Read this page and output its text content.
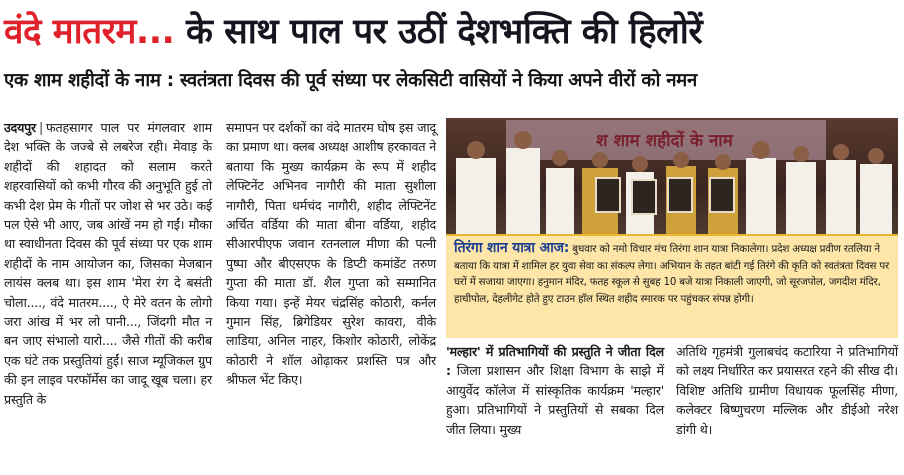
वंदे मातरम... के साथ पाल पर उठीं देशभक्ति की हिलोरें
एक शाम शहीदों के नाम : स्वतंत्रता दिवस की पूर्व संध्या पर लेकसिटी वासियों ने किया अपने वीरों को नमन
उदयपुर | फतहसागर पाल पर मंगलवार शाम देश भक्ति के जज्बे से लबरेज रही। मेवाड़ के शहीदों की शहादत को सलाम करते शहरवासियों को कभी गौरव की अनुभूति हुई तो कभी देश प्रेम के गीतों पर जोश से भर उठे। कई पल ऐसे भी आए, जब आंखें नम हो गईं। मौका था स्वाधीनता दिवस की पूर्व संध्या पर एक शाम शहीदों के नाम आयोजन का, जिसका मेजबान लायंस क्लब था। इस शाम 'मेरा रंग दे बसंती चोला...., वंदे मातरम...., ऐ मेरे वतन के लोगो जरा आंख में भर लो पानी..., जिंदगी मौत न बन जाए संभालो यारो.... जैसे गीतों की करीब एक घंटे तक प्रस्तुतियां हुईं। साज म्यूजिकल ग्रुप की इन लाइव परफॉर्मेस का जादू खूब चला। हर प्रस्तुति के
समापन पर दर्शकों का वंदे मातरम घोष इस जादू का प्रमाण था। क्लब अध्यक्ष आशीष हरकावत ने बताया कि मुख्य कार्यक्रम के रूप में शहीद लेफ्टिनेंट अभिनव नागौरी की माता सुशीला नागौरी, पिता धर्मचंद नागौरी, शहीद लेफ्टिनेंट अर्चित वर्डिया की माता बीना वर्डिया, शहीद सीआरपीएफ जवान रतनलाल मीणा की पत्नी पुष्पा और बीएसएफ के डिप्टी कमांडेंट तरुण गुप्ता की माता डॉ. शैल गुप्ता को सम्मानित किया गया। इन्हें मेयर चंद्रसिंह कोठारी, कर्नल गुमान सिंह, ब्रिगेडियर सुरेश कावरा, वीके लाडिया, अनिल नाहर, किशोर कोठारी, लोकेंद्र कोठारी ने शॉल ओढ़ाकर प्रशस्ति पत्र और श्रीफल भेंट किए।
श शाम शहीदों के नाम
तिरंगा शान यात्रा आज: बुधवार को नमो विचार मंच तिरंगा शान यात्रा निकालेगा। प्रदेश अध्यक्ष प्रवीण रतलिया ने बताया कि यात्रा में शामिल हर युवा सेवा का संकल्प लेगा। अभियान के तहत बांटी गई तिरंगे की कृति को स्वतंत्रता दिवस पर घरों में सजाया जाएगा। हनुमान मंदिर, फतह स्कूल से सुबह 10 बजे यात्रा निकाली जाएगी, जो सूरजपोल, जगदीश मंदिर, हाथीपोल, देहलीगेट होते हुए टाउन हॉल स्थित शहीद स्मारक पर पहुंचकर संपन्न होगी।
'मल्हार' में प्रतिभागियों की प्रस्तुति ने जीता दिल : जिला प्रशासन और शिक्षा विभाग के साझे में आयुर्वेद कॉलेज में सांस्कृतिक कार्यक्रम 'मल्हार' हुआ। प्रतिभागियों ने प्रस्तुतियों से सबका दिल जीत लिया। मुख्य
अतिथि गृहमंत्री गुलाबचंद कटारिया ने प्रतिभागियों को लक्ष्य निर्धारित कर प्रयासरत रहने की सीख दी। विशिष्ट अतिथि ग्रामीण विधायक फूलसिंह मीणा, कलेक्टर बिष्णुचरण मल्लिक और डीईओ नरेश डांगी थे।
